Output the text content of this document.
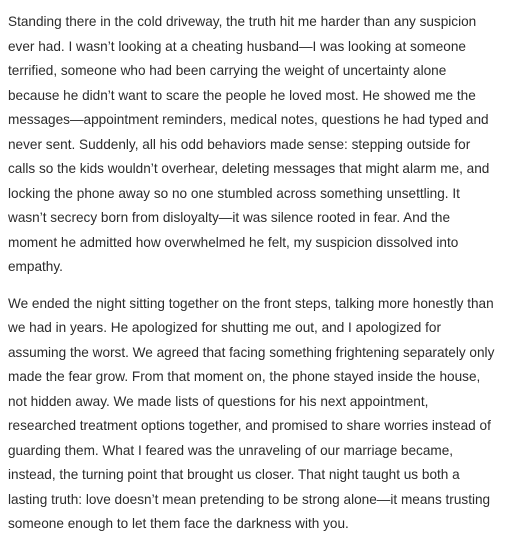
Standing there in the cold driveway, the truth hit me harder than any suspicion ever had. I wasn’t looking at a cheating husband—I was looking at someone terrified, someone who had been carrying the weight of uncertainty alone because he didn’t want to scare the people he loved most. He showed me the messages—appointment reminders, medical notes, questions he had typed and never sent. Suddenly, all his odd behaviors made sense: stepping outside for calls so the kids wouldn’t overhear, deleting messages that might alarm me, and locking the phone away so no one stumbled across something unsettling. It wasn’t secrecy born from disloyalty—it was silence rooted in fear. And the moment he admitted how overwhelmed he felt, my suspicion dissolved into empathy.

We ended the night sitting together on the front steps, talking more honestly than we had in years. He apologized for shutting me out, and I apologized for assuming the worst. We agreed that facing something frightening separately only made the fear grow. From that moment on, the phone stayed inside the house, not hidden away. We made lists of questions for his next appointment, researched treatment options together, and promised to share worries instead of guarding them. What I feared was the unraveling of our marriage became, instead, the turning point that brought us closer. That night taught us both a lasting truth: love doesn’t mean pretending to be strong alone—it means trusting someone enough to let them face the darkness with you.
